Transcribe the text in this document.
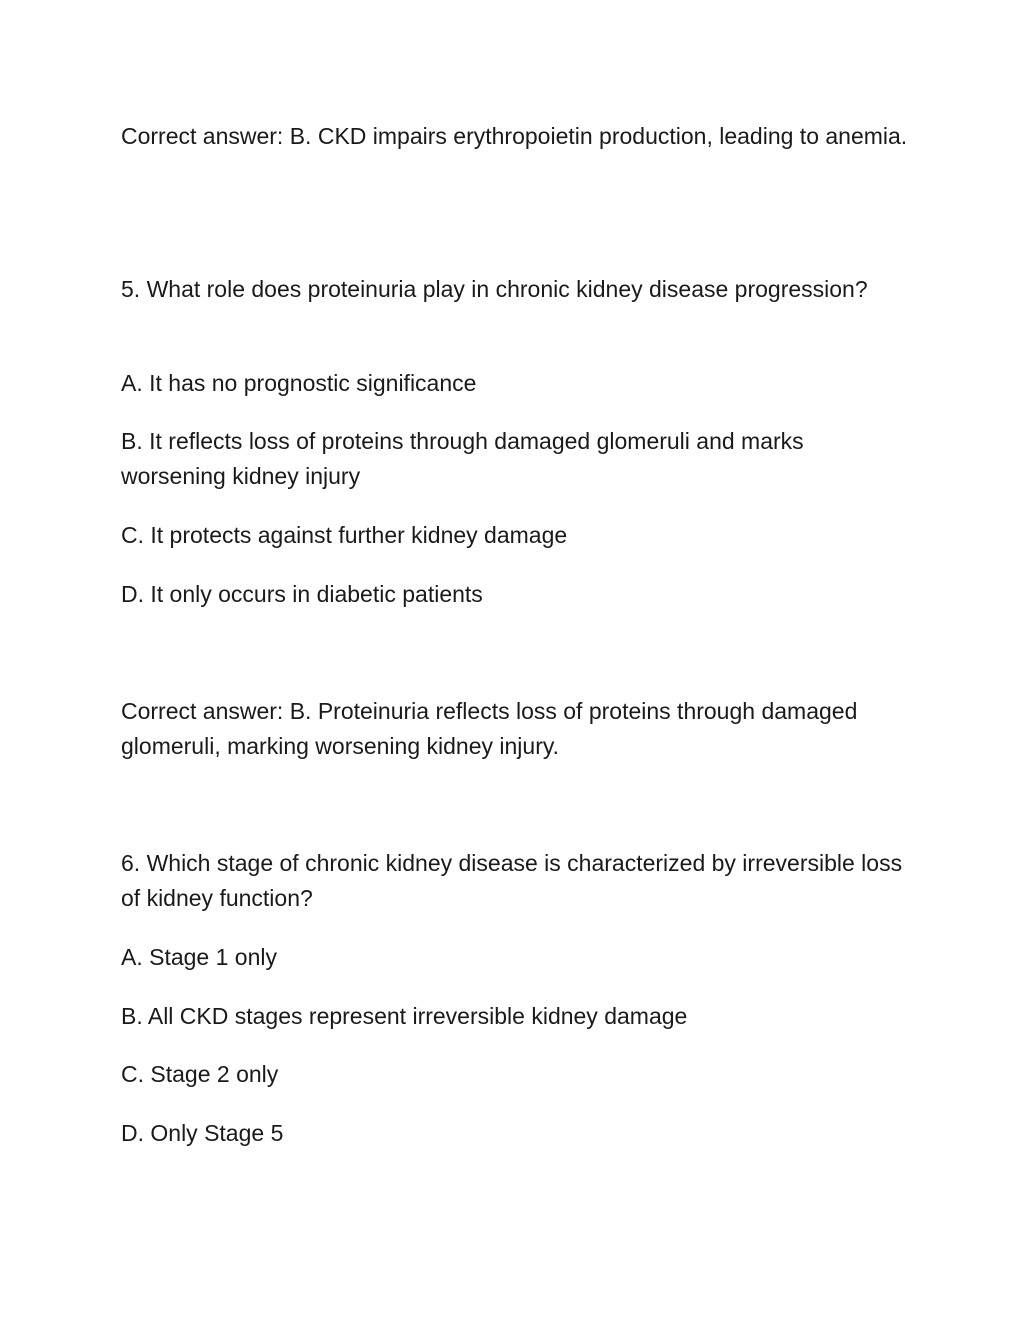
Correct answer: B. CKD impairs erythropoietin production, leading to anemia.

5. What role does proteinuria play in chronic kidney disease progression?

A. It has no prognostic significance

B. It reflects loss of proteins through damaged glomeruli and marks worsening kidney injury

C. It protects against further kidney damage

D. It only occurs in diabetic patients

Correct answer: B. Proteinuria reflects loss of proteins through damaged glomeruli, marking worsening kidney injury.

6. Which stage of chronic kidney disease is characterized by irreversible loss of kidney function?

A. Stage 1 only

B. All CKD stages represent irreversible kidney damage

C. Stage 2 only

D. Only Stage 5
